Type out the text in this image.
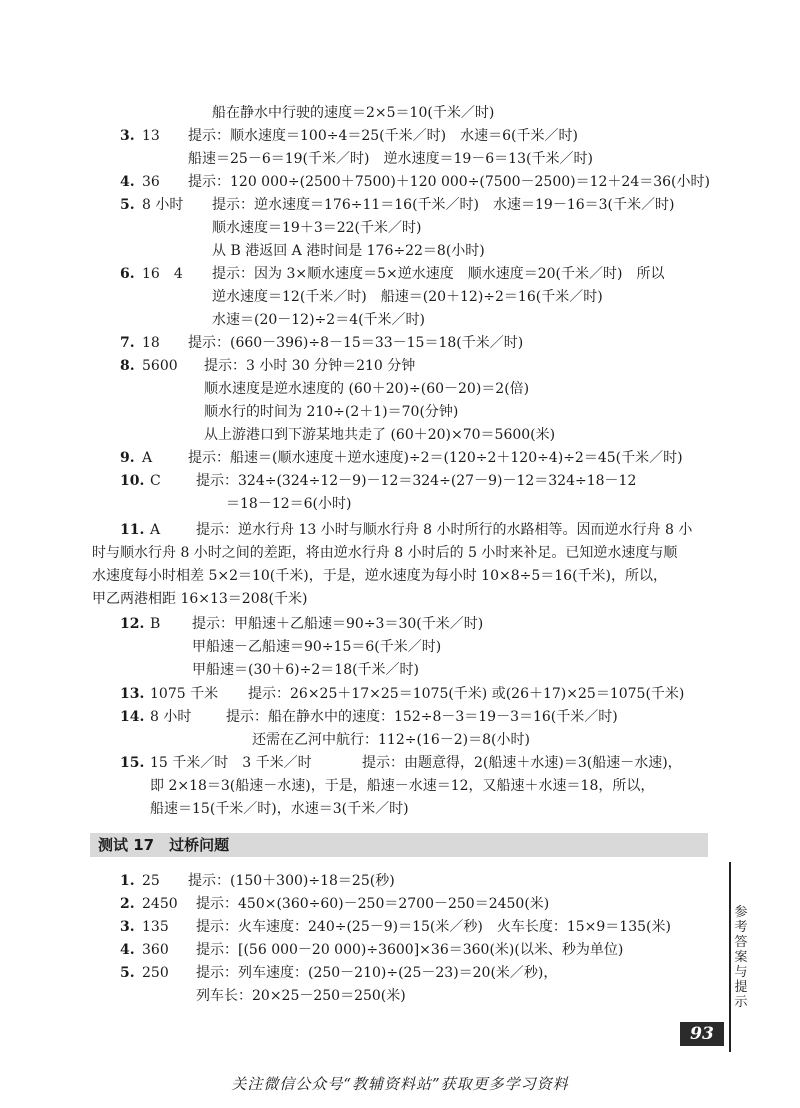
船在静水中行驶的速度＝2×5＝10(千米／时)
3. 13 提示：顺水速度＝100÷4＝25(千米／时)　水速＝6(千米／时)
船速＝25－6＝19(千米／时)　逆水速度＝19－6＝13(千米／时)
4. 36 提示：120 000÷(2500＋7500)＋120 000÷(7500－2500)＝12＋24＝36(小时)
5. 8 小时 提示：逆水速度＝176÷11＝16(千米／时)　水速＝19－16＝3(千米／时)
顺水速度＝19＋3＝22(千米／时)
从 B 港返回 A 港时间是 176÷22＝8(小时)
6. 16　4 提示：因为 3×顺水速度＝5×逆水速度　顺水速度＝20(千米／时)　所以
逆水速度＝12(千米／时)　船速＝(20＋12)÷2＝16(千米／时)
水速＝(20－12)÷2＝4(千米／时)
7. 18 提示：(660－396)÷8－15＝33－15＝18(千米／时)
8. 5600 提示：3 小时 30 分钟＝210 分钟
顺水速度是逆水速度的 (60＋20)÷(60－20)＝2(倍)
顺水行的时间为 210÷(2＋1)＝70(分钟)
从上游港口到下游某地共走了 (60＋20)×70＝5600(米)
9. A	提示：船速＝(顺水速度＋逆水速度)÷2＝(120÷2＋120÷4)÷2＝45(千米／时)
10. C	提示：324÷(324÷12－9)－12＝324÷(27－9)－12＝324÷18－12
＝18－12＝6(小时)
11. A	提示：逆水行舟 13 小时与顺水行舟 8 小时所行的水路相等。因而逆水行舟 8 小
时与顺水行舟 8 小时之间的差距，将由逆水行舟 8 小时后的 5 小时来补足。已知逆水速度与顺
水速度每小时相差 5×2＝10(千米)，于是，逆水速度为每小时 10×8÷5＝16(千米)，所以，
甲乙两港相距 16×13＝208(千米)
12. B 提示：甲船速＋乙船速＝90÷3＝30(千米／时)
甲船速－乙船速＝90÷15＝6(千米／时)
甲船速＝(30＋6)÷2＝18(千米／时)
13. 1075 千米 提示：26×25＋17×25＝1075(千米) 或(26＋17)×25＝1075(千米)
14. 8 小时 提示：船在静水中的速度：152÷8－3＝19－3＝16(千米／时)
还需在乙河中航行：112÷(16－2)＝8(小时)
15. 15 千米／时　3 千米／时	提示：由题意得，2(船速＋水速)＝3(船速－水速)，
即 2×18＝3(船速－水速)，于是，船速－水速＝12，又船速＋水速＝18，所以，
船速＝15(千米／时)，水速＝3(千米／时)
测试 17　过桥问题
1. 25 提示：(150＋300)÷18＝25(秒)
2. 2450 提示：450×(360÷60)－250＝2700－250＝2450(米)
3. 135 提示：火车速度：240÷(25－9)＝15(米／秒)　火车长度：15×9＝135(米)
4. 360 提示：[(56 000－20 000)÷3600]×36＝360(米)(以米、秒为单位)
5. 250 提示：列车速度：(250－210)÷(25－23)＝20(米／秒)，
列车长：20×25－250＝250(米)
参考答案与提示
93
关注微信公众号“教辅资料站”获取更多学习资料
